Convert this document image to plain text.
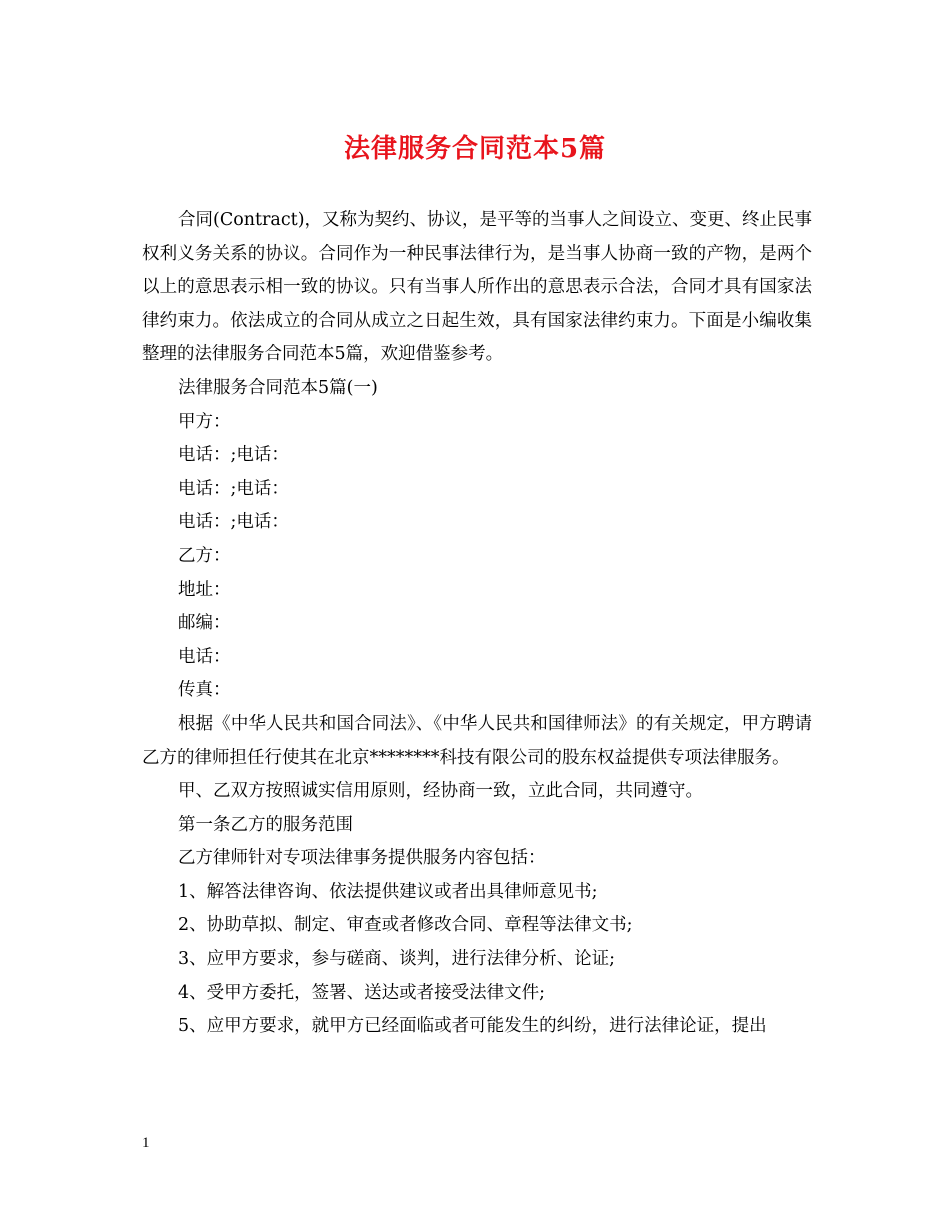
法律服务合同范本5篇

合同(Contract)，又称为契约、协议，是平等的当事人之间设立、变更、终止民事权利义务关系的协议。合同作为一种民事法律行为，是当事人协商一致的产物，是两个以上的意思表示相一致的协议。只有当事人所作出的意思表示合法，合同才具有国家法律约束力。依法成立的合同从成立之日起生效，具有国家法律约束力。下面是小编收集整理的法律服务合同范本5篇，欢迎借鉴参考。

法律服务合同范本5篇(一)

甲方：

电话：;电话：

电话：;电话：

电话：;电话：

乙方：

地址：

邮编：

电话：

传真：

根据《中华人民共和国合同法》、《中华人民共和国律师法》的有关规定，甲方聘请乙方的律师担任行使其在北京********科技有限公司的股东权益提供专项法律服务。

甲、乙双方按照诚实信用原则，经协商一致，立此合同，共同遵守。

第一条乙方的服务范围

乙方律师针对专项法律事务提供服务内容包括：

1、解答法律咨询、依法提供建议或者出具律师意见书;

2、协助草拟、制定、审查或者修改合同、章程等法律文书;

3、应甲方要求，参与磋商、谈判，进行法律分析、论证;

4、受甲方委托，签署、送达或者接受法律文件;

5、应甲方要求，就甲方已经面临或者可能发生的纠纷，进行法律论证，提出

1
